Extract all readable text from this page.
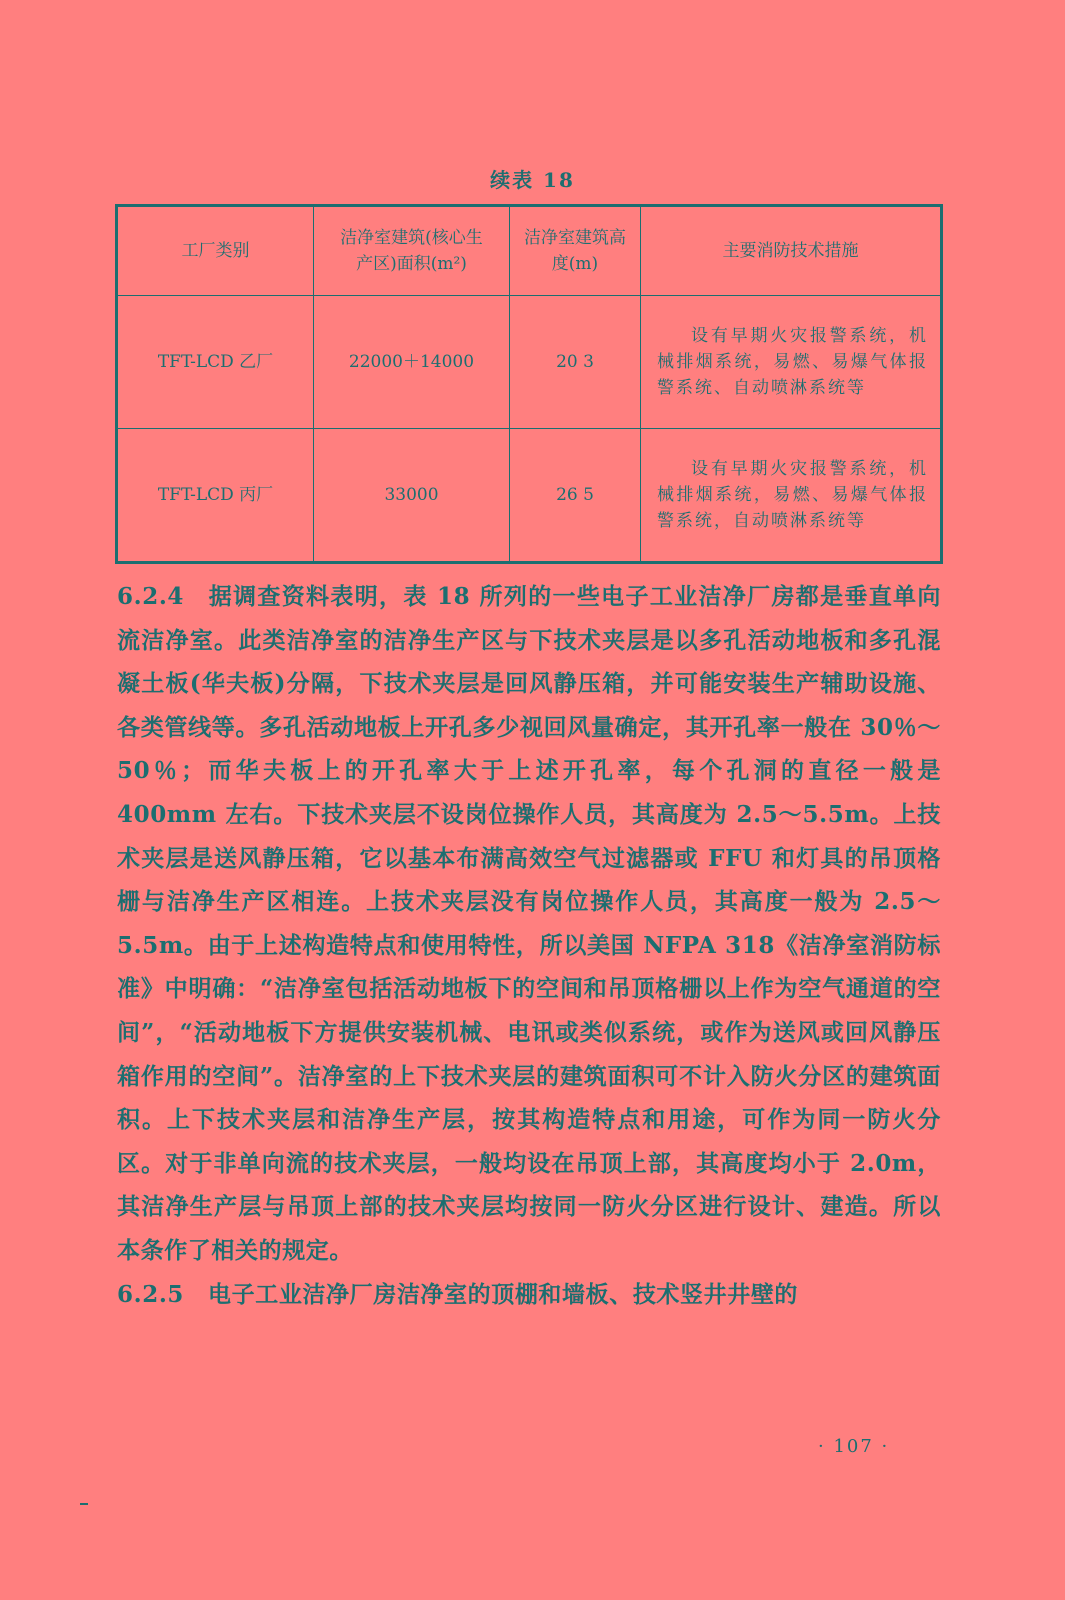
续表 18
工厂类别	洁净室建筑(核心生产区)面积(m²)	洁净室建筑高度(m)	主要消防技术措施
TFT-LCD 乙厂	22000＋14000	20 3	设有早期火灾报警系统，机械排烟系统，易燃、易爆气体报警系统、自动喷淋系统等
TFT-LCD 丙厂	33000	26 5	设有早期火灾报警系统，机械排烟系统，易燃、易爆气体报警系统，自动喷淋系统等

6.2.4 据调查资料表明，表 18 所列的一些电子工业洁净厂房都是垂直单向流洁净室。此类洁净室的洁净生产区与下技术夹层是以多孔活动地板和多孔混凝土板(华夫板)分隔，下技术夹层是回风静压箱，并可能安装生产辅助设施、各类管线等。多孔活动地板上开孔多少视回风量确定，其开孔率一般在 30％～50％；而华夫板上的开孔率大于上述开孔率，每个孔洞的直径一般是 400mm 左右。下技术夹层不设岗位操作人员，其高度为 2.5～5.5m。上技术夹层是送风静压箱，它以基本布满高效空气过滤器或 FFU 和灯具的吊顶格栅与洁净生产区相连。上技术夹层没有岗位操作人员，其高度一般为 2.5～5.5m。由于上述构造特点和使用特性，所以美国 NFPA 318《洁净室消防标准》中明确：“洁净室包括活动地板下的空间和吊顶格栅以上作为空气通道的空间”，“活动地板下方提供安装机械、电讯或类似系统，或作为送风或回风静压箱作用的空间”。洁净室的上下技术夹层的建筑面积可不计入防火分区的建筑面积。上下技术夹层和洁净生产层，按其构造特点和用途，可作为同一防火分区。对于非单向流的技术夹层，一般均设在吊顶上部，其高度均小于 2.0m，其洁净生产层与吊顶上部的技术夹层均按同一防火分区进行设计、建造。所以本条作了相关的规定。

6.2.5 电子工业洁净厂房洁净室的顶棚和墙板、技术竖井井壁的

· 107 ·
